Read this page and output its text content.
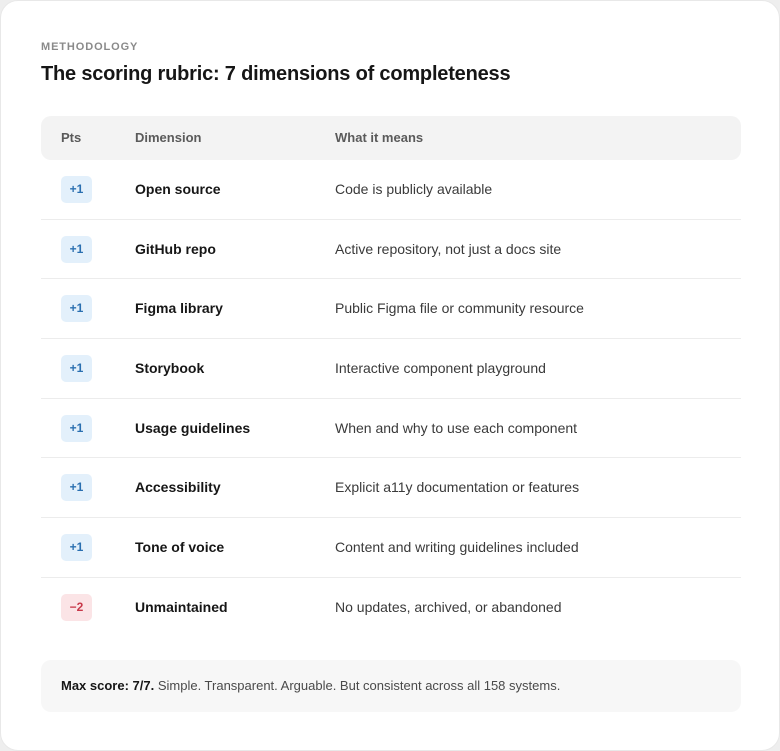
METHODOLOGY
The scoring rubric: 7 dimensions of completeness
Pts	Dimension	What it means
+1	Open source	Code is publicly available
+1	GitHub repo	Active repository, not just a docs site
+1	Figma library	Public Figma file or community resource
+1	Storybook	Interactive component playground
+1	Usage guidelines	When and why to use each component
+1	Accessibility	Explicit a11y documentation or features
+1	Tone of voice	Content and writing guidelines included
−2	Unmaintained	No updates, archived, or abandoned
Max score: 7/7. Simple. Transparent. Arguable. But consistent across all 158 systems.
